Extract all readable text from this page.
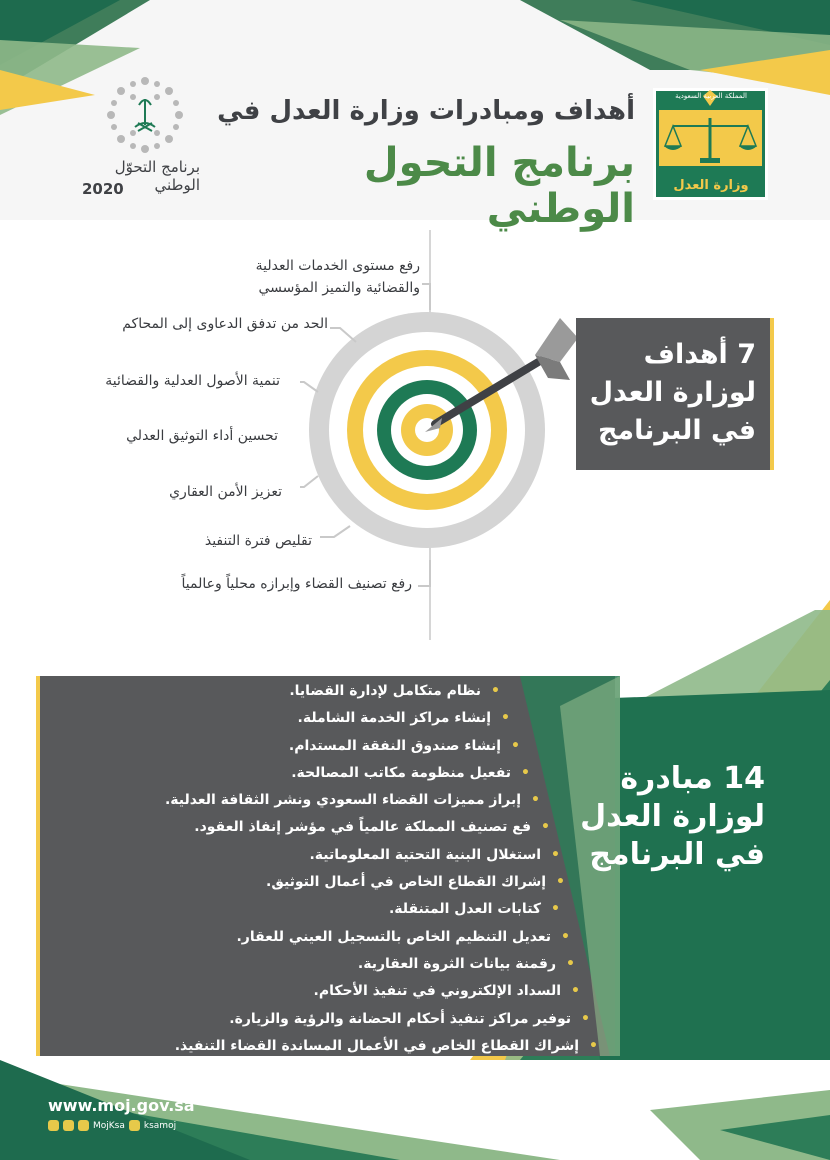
المملكة العربية السعودية
وزارة العدل
أهداف ومبادرات وزارة العدل في
برنامج التحول الوطني
برنامج التحوّل
الوطني
2020
رفع مستوى الخدمات العدلية
والقضائية والتميز المؤسسي
الحد من تدفق الدعاوى إلى المحاكم
تنمية الأصول العدلية والقضائية
تحسين أداء التوثيق العدلي
تعزيز الأمن العقاري
تقليص فترة التنفيذ
رفع تصنيف القضاء وإبرازه محلياً وعالمياً
7 أهداف
لوزارة العدل
في البرنامج
•نظام متكامل لإدارة القضايا.
•إنشاء مراكز الخدمة الشاملة.
•إنشاء صندوق النفقة المستدام.
•تفعيل منظومة مكاتب المصالحة.
•إبراز مميزات القضاء السعودي ونشر الثقافة العدلية.
•فع تصنيف المملكة عالمياً في مؤشر إنفاذ العقود.
•استغلال البنية التحتية المعلوماتية.
•إشراك القطاع الخاص في أعمال التوثيق.
•كتابات العدل المتنقلة.
•تعديل التنظيم الخاص بالتسجيل العيني للعقار.
•رقمنة بيانات الثروة العقارية.
•السداد الإلكتروني في تنفيذ الأحكام.
•توفير مراكز تنفيذ أحكام الحضانة والرؤية والزيارة.
•إشراك القطاع الخاص في الأعمال المساندة القضاء التنفيذ.
14 مبادرة
لوزارة العدل
في البرنامج
www.moj.gov.sa
MojKsa ksamoj
